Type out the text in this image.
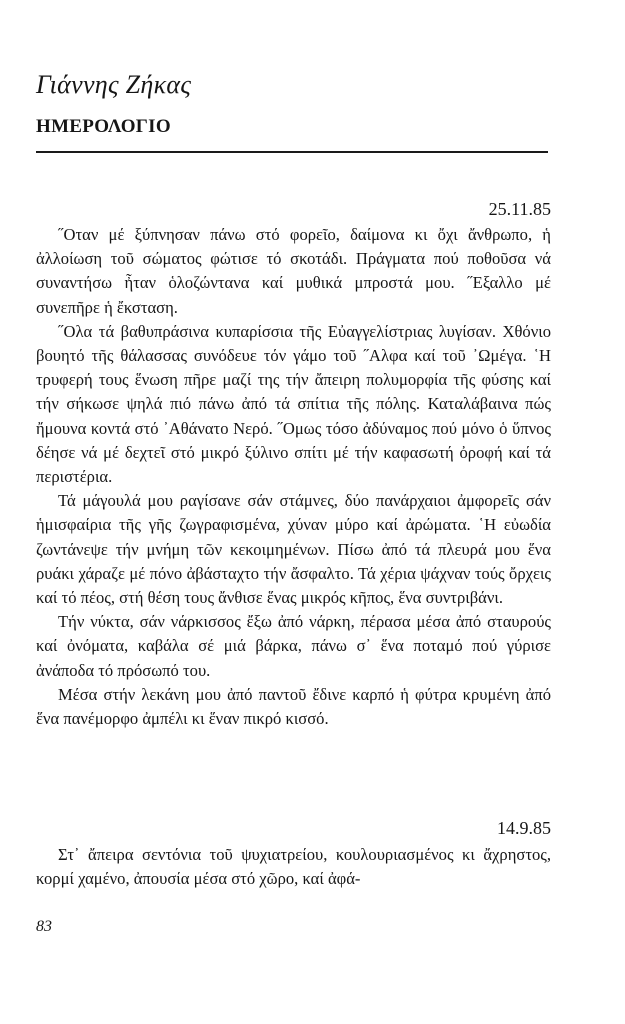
Γιάννης Ζήκας
ΗΜΕΡΟΛΟΓΙΟ
25.11.85

˝Οταν μέ ξύπνησαν πάνω στό φορεῖο, δαίμονα κι ὄχι ἄνθρωπο, ἡ ἀλλοίωση τοῦ σώματος φώτισε τό σκοτάδι. Πράγματα πού ποθοῦσα νά συναντήσω ἦταν ὁλοζώντανα καί μυθικά μπροστά μου. ˝Εξαλλο μέ συνεπῆρε ἡ ἔκσταση.

˝Ολα τά βαθυπράσινα κυπαρίσσια τῆς Εὐαγγελίστριας λυγίσαν. Χθόνιο βουητό τῆς θάλασσας συνόδευε τόν γάμο τοῦ ˝Αλφα καί τοῦ ᾿Ωμέγα. ῾Η τρυφερή τους ἕνωση πῆρε μαζί της τήν ἄπειρη πολυμορφία τῆς φύσης καί τήν σήκωσε ψηλά πιό πάνω ἀπό τά σπίτια τῆς πόλης. Καταλάβαινα πώς ἤμουνα κοντά στό ᾿Αθάνατο Νερό. ˝Ομως τόσο ἀδύναμος πού μόνο ὁ ὕπνος δέησε νά μέ δεχτεῖ στό μικρό ξύλινο σπίτι μέ τήν καφασωτή ὀροφή καί τά περιστέρια.

Τά μάγουλά μου ραγίσανε σάν στάμνες, δύο πανάρχαιοι ἀμφορεῖς σάν ἡμισφαίρια τῆς γῆς ζωγραφισμένα, χύναν μύρο καί ἀρώματα. ῾Η εὐωδία ζωντάνεψε τήν μνήμη τῶν κεκοιμημένων. Πίσω ἀπό τά πλευρά μου ἕνα ρυάκι χάραζε μέ πόνο ἀβάσταχτο τήν ἄσφαλτο. Τά χέρια ψάχναν τούς ὄρχεις καί τό πέος, στή θέση τους ἄνθισε ἕνας μικρός κῆπος, ἕνα συντριβάνι.

Τήν νύκτα, σάν νάρκισσος ἔξω ἀπό νάρκη, πέρασα μέσα ἀπό σταυρούς καί ὀνόματα, καβάλα σέ μιά βάρκα, πάνω σ᾿ ἕνα ποταμό πού γύρισε ἀνάποδα τό πρόσωπό του.

Μέσα στήν λεκάνη μου ἀπό παντοῦ ἔδινε καρπό ἡ φύτρα κρυμένη ἀπό ἕνα πανέμορφο ἀμπέλι κι ἕναν πικρό κισσό.

14.9.85

Στ᾿ ἄπειρα σεντόνια τοῦ ψυχιατρείου, κουλουριασμένος κι ἄχρηστος, κορμί χαμένο, ἀπουσία μέσα στό χῶρο, καί ἀφά-

83
